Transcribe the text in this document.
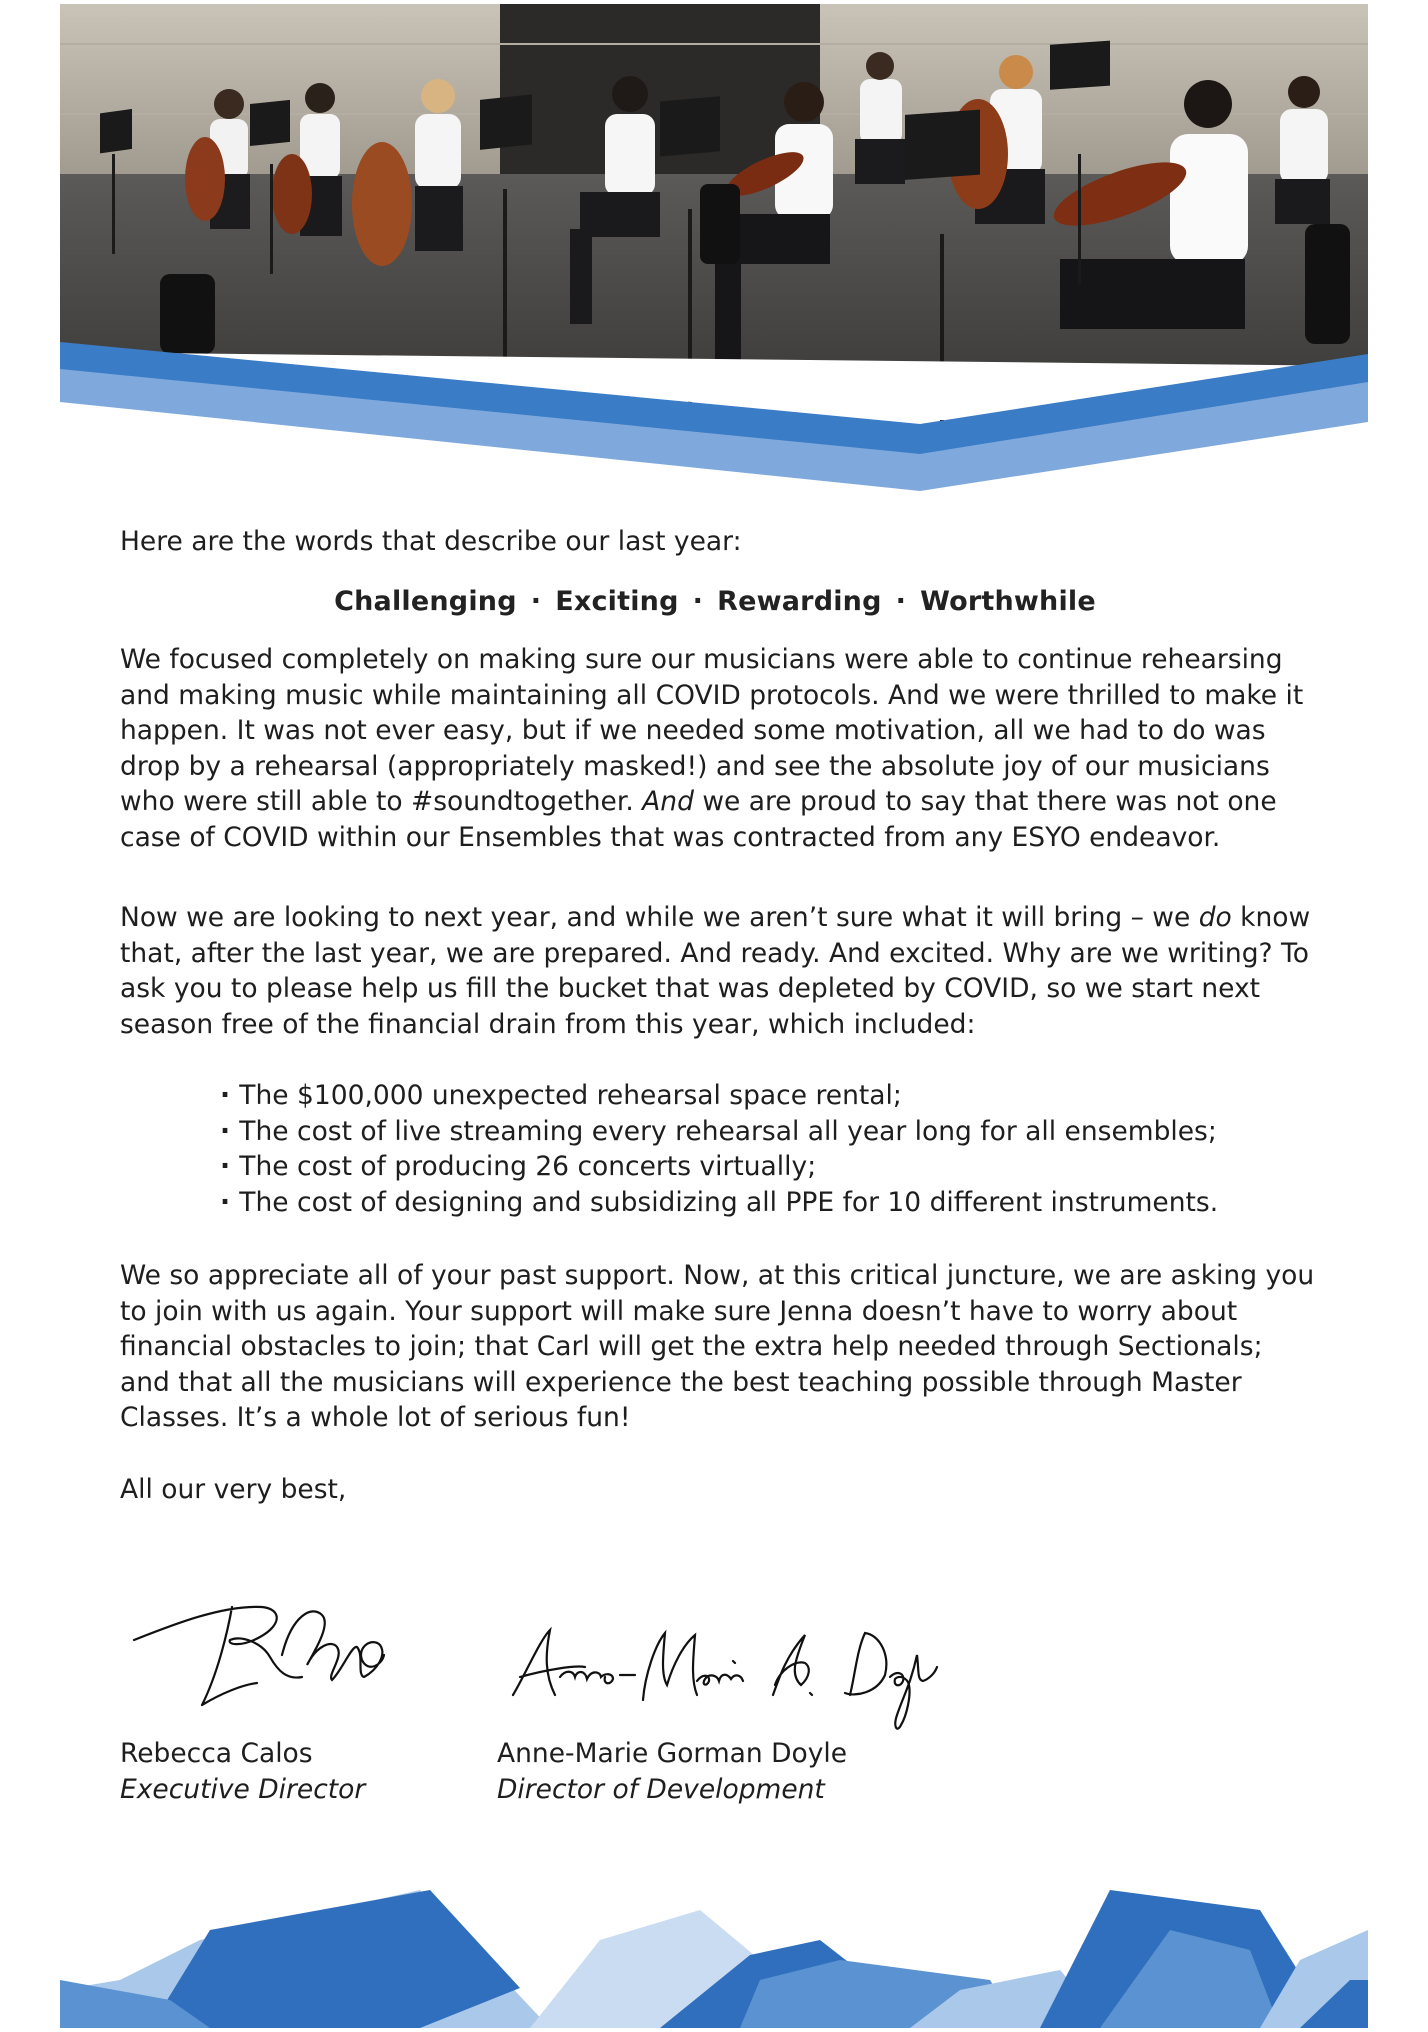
Here are the words that describe our last year:

Challenging · Exciting · Rewarding · Worthwhile

We focused completely on making sure our musicians were able to continue rehearsing and making music while maintaining all COVID protocols. And we were thrilled to make it happen. It was not ever easy, but if we needed some motivation, all we had to do was drop by a rehearsal (appropriately masked!) and see the absolute joy of our musicians who were still able to #soundtogether. And we are proud to say that there was not one case of COVID within our Ensembles that was contracted from any ESYO endeavor.

Now we are looking to next year, and while we aren’t sure what it will bring – we do know that, after the last year, we are prepared. And ready. And excited. Why are we writing? To ask you to please help us fill the bucket that was depleted by COVID, so we start next season free of the financial drain from this year, which included:

· The $100,000 unexpected rehearsal space rental;
· The cost of live streaming every rehearsal all year long for all ensembles;
· The cost of producing 26 concerts virtually;
· The cost of designing and subsidizing all PPE for 10 different instruments.

We so appreciate all of your past support. Now, at this critical juncture, we are asking you to join with us again. Your support will make sure Jenna doesn’t have to worry about financial obstacles to join; that Carl will get the extra help needed through Sectionals; and that all the musicians will experience the best teaching possible through Master Classes. It’s a whole lot of serious fun!

All our very best,

Rebecca Calos
Executive Director
Anne-Marie Gorman Doyle
Director of Development
